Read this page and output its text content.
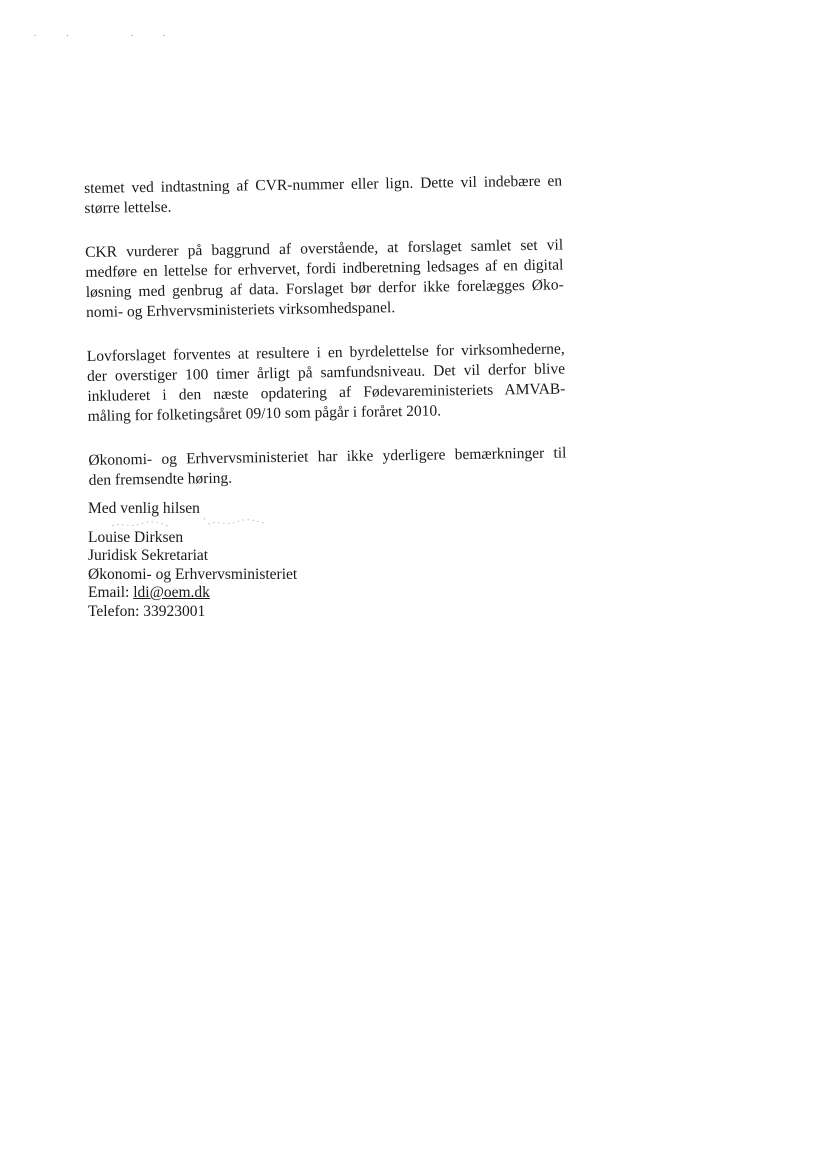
.. ..

stemet ved indtastning af CVR-nummer eller lign. Dette vil indebære en
større lettelse.

CKR vurderer på baggrund af overstående, at forslaget samlet set vil
medføre en lettelse for erhvervet, fordi indberetning ledsages af en digital
løsning med genbrug af data. Forslaget bør derfor ikke forelægges Øko-
nomi- og Erhvervsministeriets virksomhedspanel.

Lovforslaget forventes at resultere i en byrdelettelse for virksomhederne,
der overstiger 100 timer årligt på samfundsniveau. Det vil derfor blive
inkluderet i den næste opdatering af Fødevareministeriets AMVAB-
måling for folketingsåret 09/10 som pågår i foråret 2010.

Økonomi- og Erhvervsministeriet har ikke yderligere bemærkninger til
den fremsendte høring.

Med venlig hilsen
Louise Dirksen
Juridisk Sekretariat
Økonomi- og Erhvervsministeriet
Email: ldi@oem.dk
Telefon: 33923001
